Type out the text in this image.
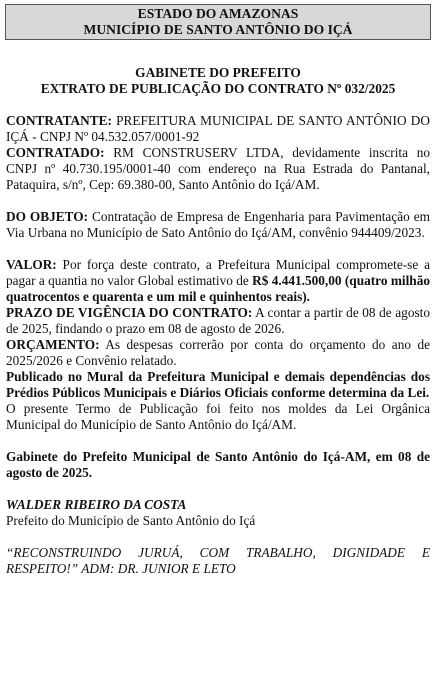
ESTADO DO AMAZONAS
MUNICÍPIO DE SANTO ANTÔNIO DO IÇÁ
GABINETE DO PREFEITO
EXTRATO DE PUBLICAÇÃO DO CONTRATO Nº 032/2025

CONTRATANTE: PREFEITURA MUNICIPAL DE SANTO ANTÔNIO DO IÇÁ - CNPJ Nº 04.532.057/0001-92

CONTRATADO: RM CONSTRUSERV LTDA, devidamente inscrita no CNPJ nº 40.730.195/0001-40 com endereço na Rua Estrada do Pantanal, Pataquira, s/nº, Cep: 69.380-00, Santo Antônio do Içá/AM.

DO OBJETO: Contratação de Empresa de Engenharia para Pavimentação em Via Urbana no Município de Sato Antônio do Içá/AM, convênio 944409/2023.

VALOR: Por força deste contrato, a Prefeitura Municipal compromete-se a pagar a quantia no valor Global estimativo de R$ 4.441.500,00 (quatro milhão quatrocentos e quarenta e um mil e quinhentos reais).

PRAZO DE VIGÊNCIA DO CONTRATO: A contar a partir de 08 de agosto de 2025, findando o prazo em 08 de agosto de 2026.

ORÇAMENTO: As despesas correrão por conta do orçamento do ano de 2025/2026 e Convênio relatado.

Publicado no Mural da Prefeitura Municipal e demais dependências dos Prédios Públicos Municipais e Diários Oficiais conforme determina da Lei.

O presente Termo de Publicação foi feito nos moldes da Lei Orgânica Municipal do Município de Santo Antônio do Içá/AM.

Gabinete do Prefeito Municipal de Santo Antônio do Içá-AM, em 08 de agosto de 2025.

WALDER RIBEIRO DA COSTA

Prefeito do Município de Santo Antônio do Içá

“RECONSTRUINDO JURUÁ, COM TRABALHO, DIGNIDADE E RESPEITO!” ADM: DR. JUNIOR E LETO
